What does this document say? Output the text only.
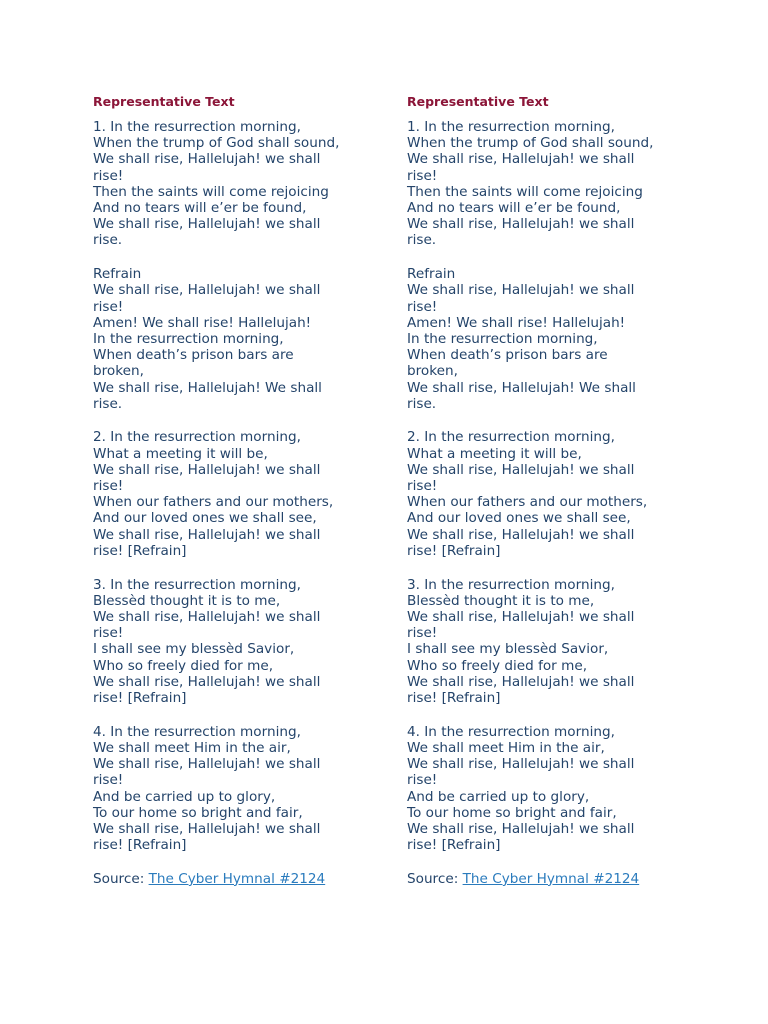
Representative Text
1. In the resurrection morning,
When the trump of God shall sound,
We shall rise, Hallelujah! we shall
rise!
Then the saints will come rejoicing
And no tears will e’er be found,
We shall rise, Hallelujah! we shall
rise.
Refrain
We shall rise, Hallelujah! we shall
rise!
Amen! We shall rise! Hallelujah!
In the resurrection morning,
When death’s prison bars are
broken,
We shall rise, Hallelujah! We shall
rise.
2. In the resurrection morning,
What a meeting it will be,
We shall rise, Hallelujah! we shall
rise!
When our fathers and our mothers,
And our loved ones we shall see,
We shall rise, Hallelujah! we shall
rise! [Refrain]
3. In the resurrection morning,
Blessèd thought it is to me,
We shall rise, Hallelujah! we shall
rise!
I shall see my blessèd Savior,
Who so freely died for me,
We shall rise, Hallelujah! we shall
rise! [Refrain]
4. In the resurrection morning,
We shall meet Him in the air,
We shall rise, Hallelujah! we shall
rise!
And be carried up to glory,
To our home so bright and fair,
We shall rise, Hallelujah! we shall
rise! [Refrain]
Source: The Cyber Hymnal #2124
Representative Text
1. In the resurrection morning,
When the trump of God shall sound,
We shall rise, Hallelujah! we shall
rise!
Then the saints will come rejoicing
And no tears will e’er be found,
We shall rise, Hallelujah! we shall
rise.
Refrain
We shall rise, Hallelujah! we shall
rise!
Amen! We shall rise! Hallelujah!
In the resurrection morning,
When death’s prison bars are
broken,
We shall rise, Hallelujah! We shall
rise.
2. In the resurrection morning,
What a meeting it will be,
We shall rise, Hallelujah! we shall
rise!
When our fathers and our mothers,
And our loved ones we shall see,
We shall rise, Hallelujah! we shall
rise! [Refrain]
3. In the resurrection morning,
Blessèd thought it is to me,
We shall rise, Hallelujah! we shall
rise!
I shall see my blessèd Savior,
Who so freely died for me,
We shall rise, Hallelujah! we shall
rise! [Refrain]
4. In the resurrection morning,
We shall meet Him in the air,
We shall rise, Hallelujah! we shall
rise!
And be carried up to glory,
To our home so bright and fair,
We shall rise, Hallelujah! we shall
rise! [Refrain]
Source: The Cyber Hymnal #2124
